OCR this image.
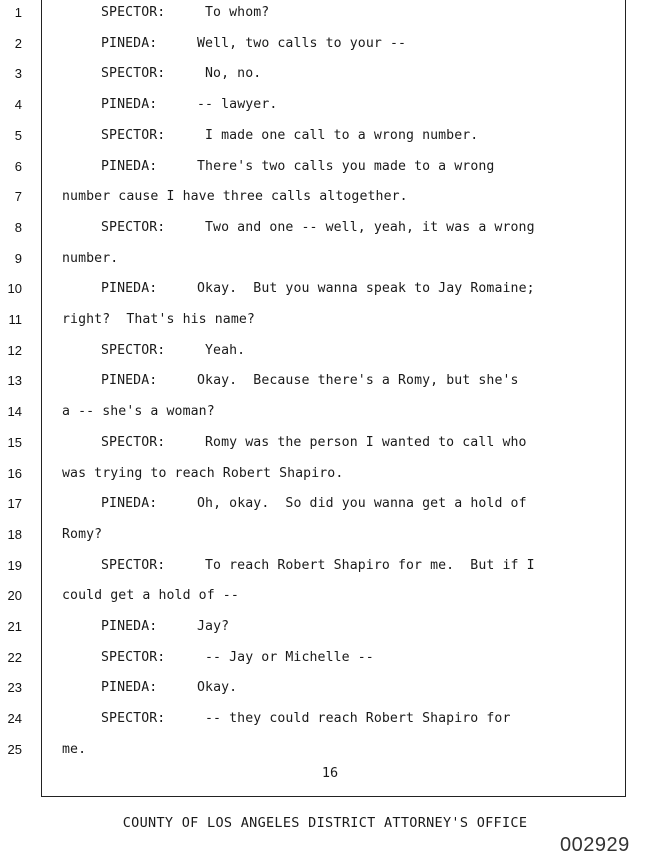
1	SPECTOR:	To whom?
2	PINEDA:	Well, two calls to your --
3	SPECTOR:	No, no.
4	PINEDA:	-- lawyer.
5	SPECTOR:	I made one call to a wrong number.
6	PINEDA:	There's two calls you made to a wrong
7	number cause I have three calls altogether.
8	SPECTOR:	Two and one -- well, yeah, it was a wrong
9	number.
10	PINEDA:	Okay.  But you wanna speak to Jay Romaine;
11	right?  That's his name?
12	SPECTOR:	Yeah.
13	PINEDA:	Okay.  Because there's a Romy, but she's
14	a -- she's a woman?
15	SPECTOR:	Romy was the person I wanted to call who
16	was trying to reach Robert Shapiro.
17	PINEDA:	Oh, okay.  So did you wanna get a hold of
18	Romy?
19	SPECTOR:	To reach Robert Shapiro for me.  But if I
20	could get a hold of --
21	PINEDA:	Jay?
22	SPECTOR:	-- Jay or Michelle --
23	PINEDA:	Okay.
24	SPECTOR:	-- they could reach Robert Shapiro for
25	me.
16
COUNTY OF LOS ANGELES DISTRICT ATTORNEY'S OFFICE
002929
